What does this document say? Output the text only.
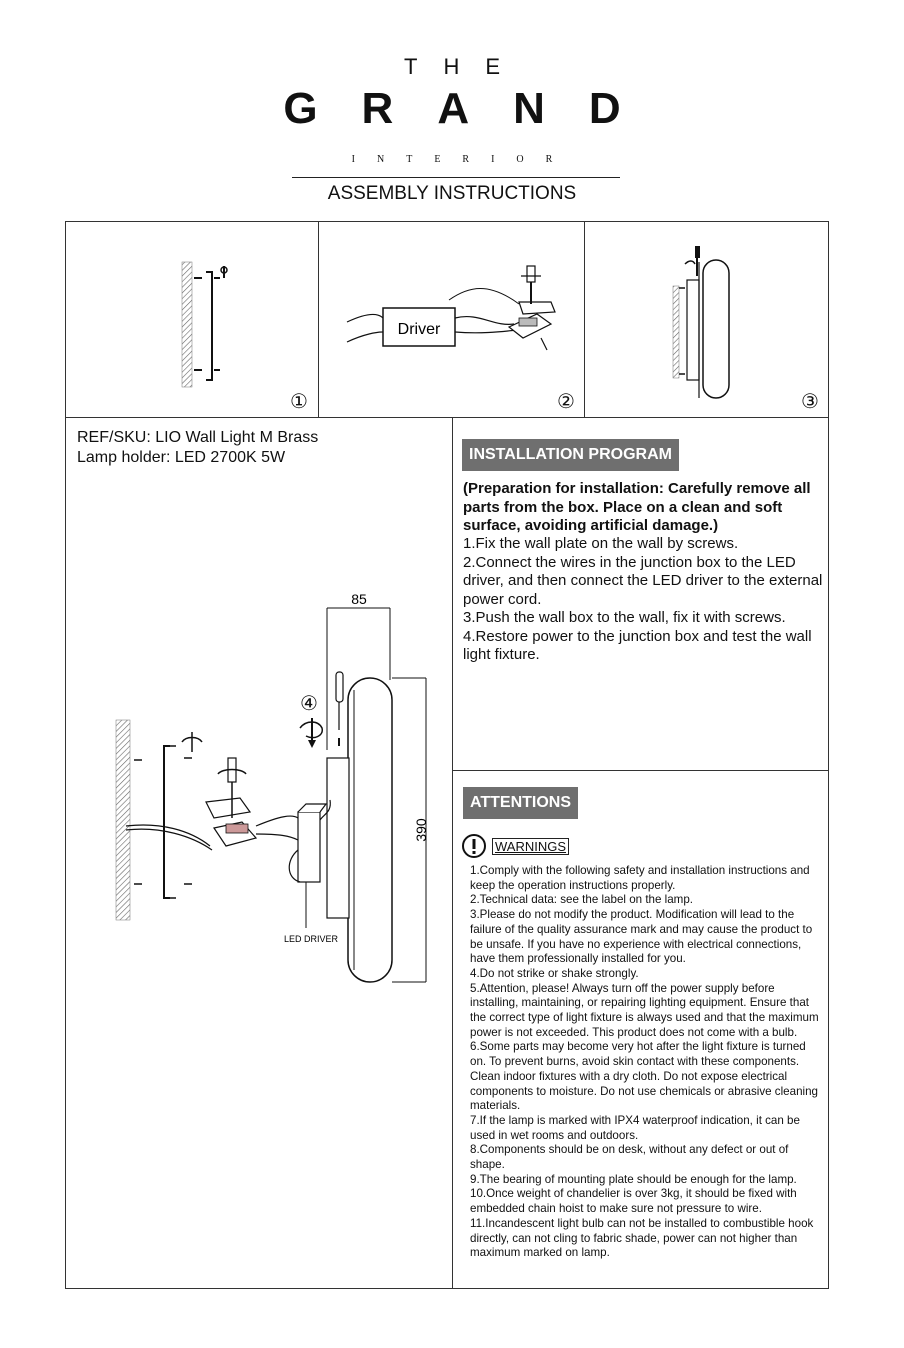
THE
GRAND
INTERIOR
ASSEMBLY INSTRUCTIONS
①
Driver
②	③
REF/SKU: LIO Wall Light M Brass
Lamp holder: LED 2700K 5W
85
390
LED DRIVER
④
INSTALLATION PROGRAM
(Preparation for installation: Carefully remove all parts from the box. Place on a clean and soft surface, avoiding artificial damage.)
1.Fix the wall plate on the wall by screws.
2.Connect the wires in the junction box to the LED driver, and then connect the LED driver to the external power cord.
3.Push the wall box to the wall, fix it with screws.
4.Restore power to the junction box and test the wall light fixture.
ATTENTIONS
WARNINGS
1.Comply with the following safety and installation instructions and keep the operation instructions properly.
2.Technical data: see the label on the lamp.
3.Please do not modify the product. Modification will lead to the failure of the quality assurance mark and may cause the product to be unsafe. If you have no experience with electrical connections, have them professionally installed for you.
4.Do not strike or shake strongly.
5.Attention, please! Always turn off the power supply before installing, maintaining, or repairing lighting equipment. Ensure that the correct type of light fixture is always used and that the maximum power is not exceeded. This product does not come with a bulb.
6.Some parts may become very hot after the light fixture is turned on. To prevent burns, avoid skin contact with these components. Clean indoor fixtures with a dry cloth. Do not expose electrical components to moisture. Do not use chemicals or abrasive cleaning materials.
7.If the lamp is marked with IPX4 waterproof indication, it can be used in wet rooms and outdoors.
8.Components should be on desk, without any defect or out of shape.
9.The bearing of mounting plate should be enough for the lamp.
10.Once weight of chandelier is over 3kg, it should be fixed with embedded chain hoist to make sure not pressure to wire.
11.Incandescent light bulb can not be installed to combustible hook directly, can not cling to fabric shade, power can not higher than maximum marked on lamp.
